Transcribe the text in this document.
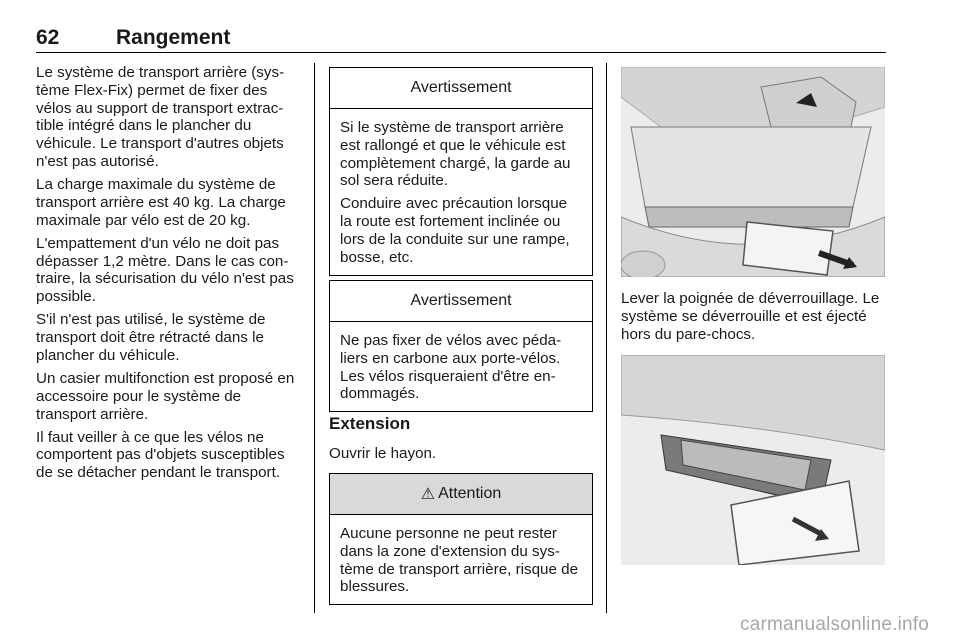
62	Rangement

Le système de transport arrière (sys-tème Flex-Fix) permet de fixer des vélos au support de transport extrac-tible intégré dans le plancher du véhicule. Le transport d'autres objets n'est pas autorisé.

La charge maximale du système de transport arrière est 40 kg. La charge maximale par vélo est de 20 kg.

L'empattement d'un vélo ne doit pas dépasser 1,2 mètre. Dans le cas con-traire, la sécurisation du vélo n'est pas possible.

S'il n'est pas utilisé, le système de transport doit être rétracté dans le plancher du véhicule.

Un casier multifonction est proposé en accessoire pour le système de transport arrière.

Il faut veiller à ce que les vélos ne comportent pas d'objets susceptibles de se détacher pendant le transport.

Avertissement

Si le système de transport arrière est rallongé et que le véhicule est complètement chargé, la garde au sol sera réduite.

Conduire avec précaution lorsque la route est fortement inclinée ou lors de la conduite sur une rampe, bosse, etc.

Avertissement

Ne pas fixer de vélos avec péda-liers en carbone aux porte-vélos. Les vélos risqueraient d'être en-dommagés.

Extension
Ouvrir le hayon.
⚠ Attention

Aucune personne ne peut rester dans la zone d'extension du sys-tème de transport arrière, risque de blessures.

Lever la poignée de déverrouillage. Le système se déverrouille et est éjecté hors du pare-chocs.
carmanualsonline.info
